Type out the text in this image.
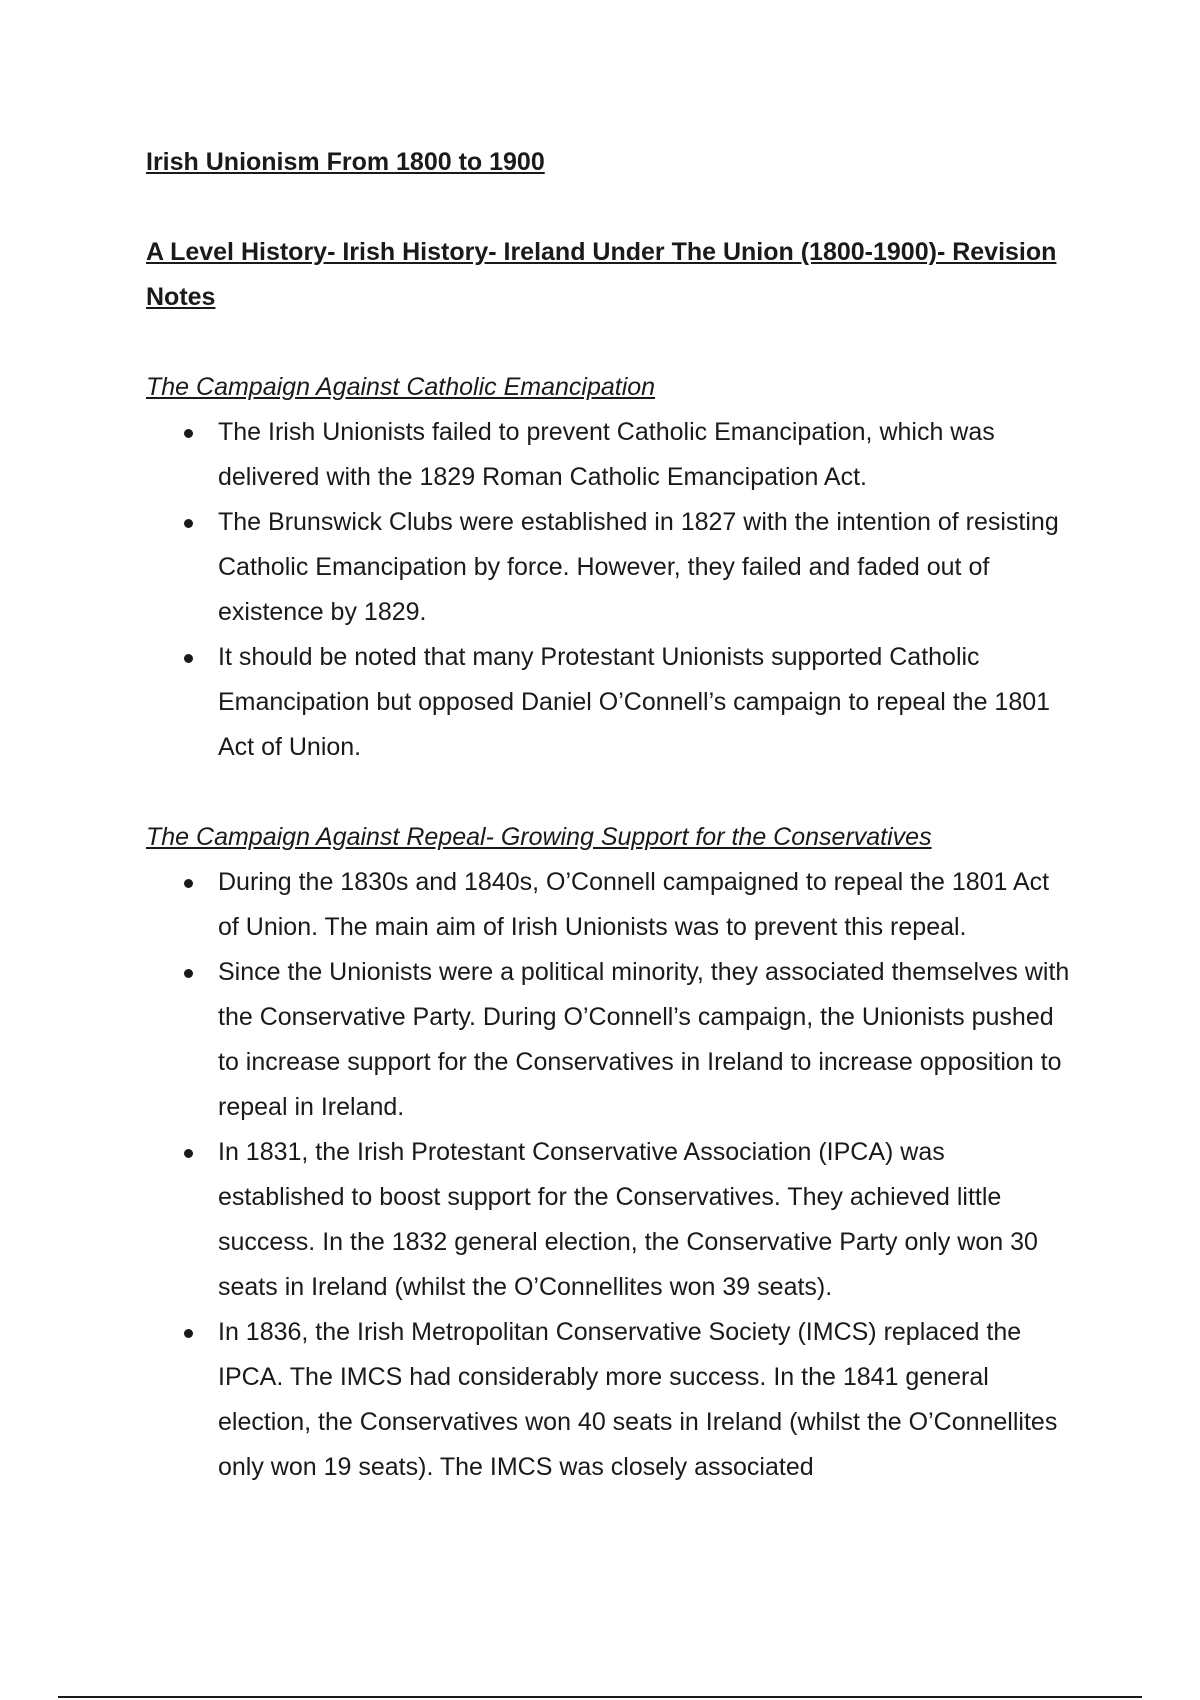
Irish Unionism From 1800 to 1900

A Level History- Irish History- Ireland Under The Union (1800-1900)- Revision Notes

The Campaign Against Catholic Emancipation

The Irish Unionists failed to prevent Catholic Emancipation, which was delivered with the 1829 Roman Catholic Emancipation Act.
The Brunswick Clubs were established in 1827 with the intention of resisting Catholic Emancipation by force. However, they failed and faded out of existence by 1829.
It should be noted that many Protestant Unionists supported Catholic Emancipation but opposed Daniel O’Connell’s campaign to repeal the 1801 Act of Union.

The Campaign Against Repeal- Growing Support for the Conservatives

During the 1830s and 1840s, O’Connell campaigned to repeal the 1801 Act of Union. The main aim of Irish Unionists was to prevent this repeal.
Since the Unionists were a political minority, they associated themselves with the Conservative Party. During O’Connell’s campaign, the Unionists pushed to increase support for the Conservatives in Ireland to increase opposition to repeal in Ireland.
In 1831, the Irish Protestant Conservative Association (IPCA) was established to boost support for the Conservatives. They achieved little success. In the 1832 general election, the Conservative Party only won 30 seats in Ireland (whilst the O’Connellites won 39 seats).
In 1836, the Irish Metropolitan Conservative Society (IMCS) replaced the IPCA. The IMCS had considerably more success. In the 1841 general election, the Conservatives won 40 seats in Ireland (whilst the O’Connellites only won 19 seats). The IMCS was closely associated
